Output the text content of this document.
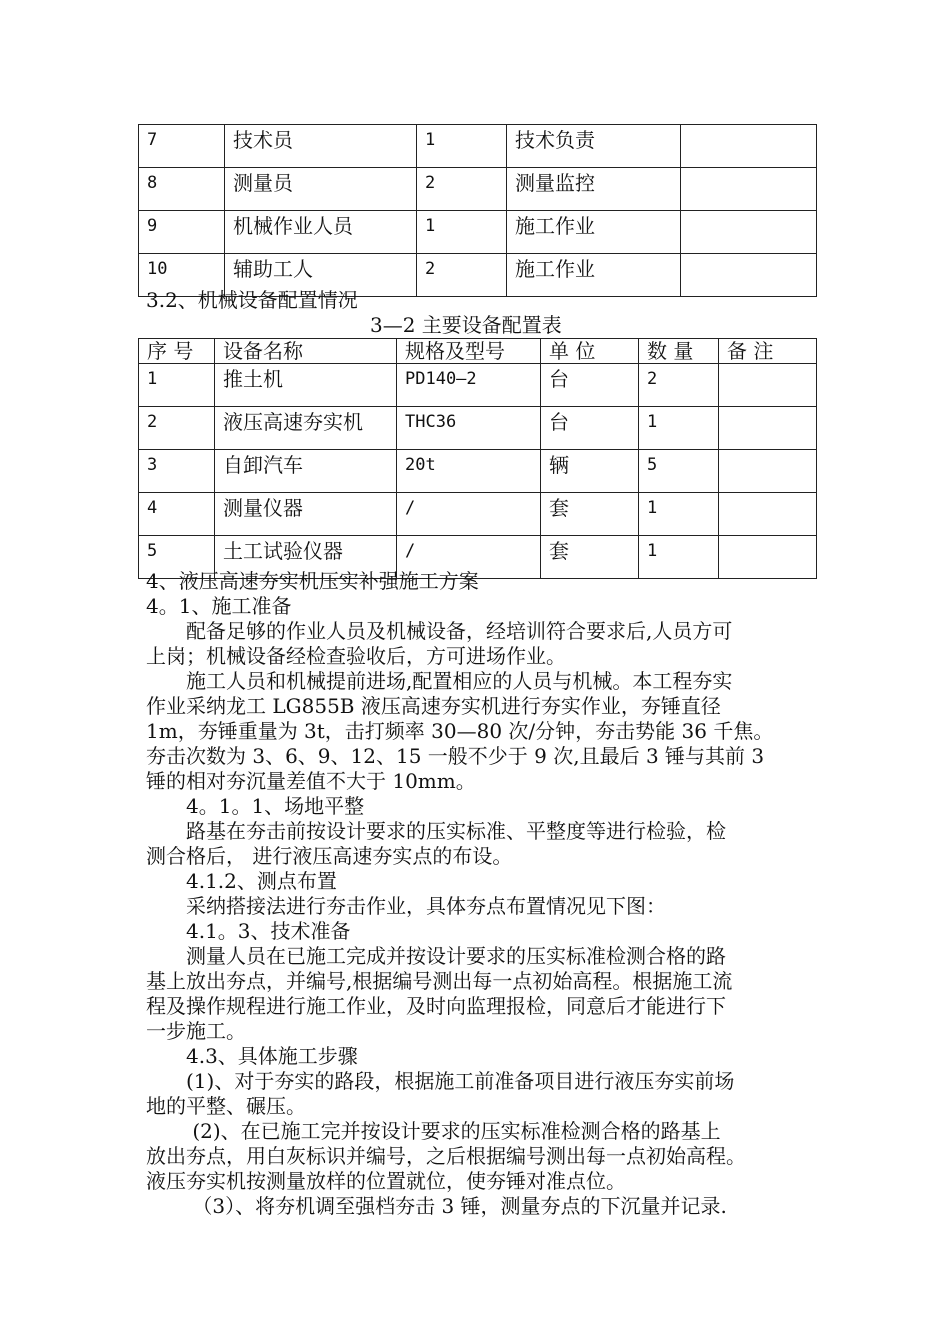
7	技术员	1	技术负责	
8	测量员	2	测量监控	
9	机械作业人员	1	施工作业	
10	辅助工人	2	施工作业	
3.2、机械设备配置情况
3—2 主要设备配置表
序 号	设备名称	规格及型号	单 位	数 量	备 注
1	推土机	PD140—2	台	2	
2	液压高速夯实机	THC36	台	1	
3	自卸汽车	20t	辆	5	
4	测量仪器	/	套	1	
5	土工试验仪器	/	套	1	
4、液压高速夯实机压实补强施工方案
4。1、施工准备
　　配备足够的作业人员及机械设备，经培训符合要求后,人员方可
上岗；机械设备经检查验收后，方可进场作业。
　　施工人员和机械提前进场,配置相应的人员与机械。本工程夯实
作业采纳龙工 LG855B 液压高速夯实机进行夯实作业，夯锤直径
1m，夯锤重量为 3t，击打频率 30—80 次/分钟，夯击势能 36 千焦。
夯击次数为 3、6、9、12、15 一般不少于 9 次,且最后 3 锤与其前 3
锤的相对夯沉量差值不大于 10mm。
　　4。1。1、场地平整
　　路基在夯击前按设计要求的压实标准、平整度等进行检验，检
测合格后， 进行液压高速夯实点的布设。
　　4.1.2、测点布置
　　采纳搭接法进行夯击作业，具体夯点布置情况见下图：
　　4.1。3、技术准备
　　测量人员在已施工完成并按设计要求的压实标准检测合格的路
基上放出夯点，并编号,根据编号测出每一点初始高程。根据施工流
程及操作规程进行施工作业，及时向监理报检，同意后才能进行下
一步施工。
　　4.3、具体施工步骤
　　(1)、对于夯实的路段，根据施工前准备项目进行液压夯实前场
地的平整、碾压。
　　 (2)、在已施工完并按设计要求的压实标准检测合格的路基上
放出夯点，用白灰标识并编号，之后根据编号测出每一点初始高程。
液压夯实机按测量放样的位置就位，使夯锤对准点位。
　　 （3）、将夯机调至强档夯击 3 锤，测量夯点的下沉量并记录.
